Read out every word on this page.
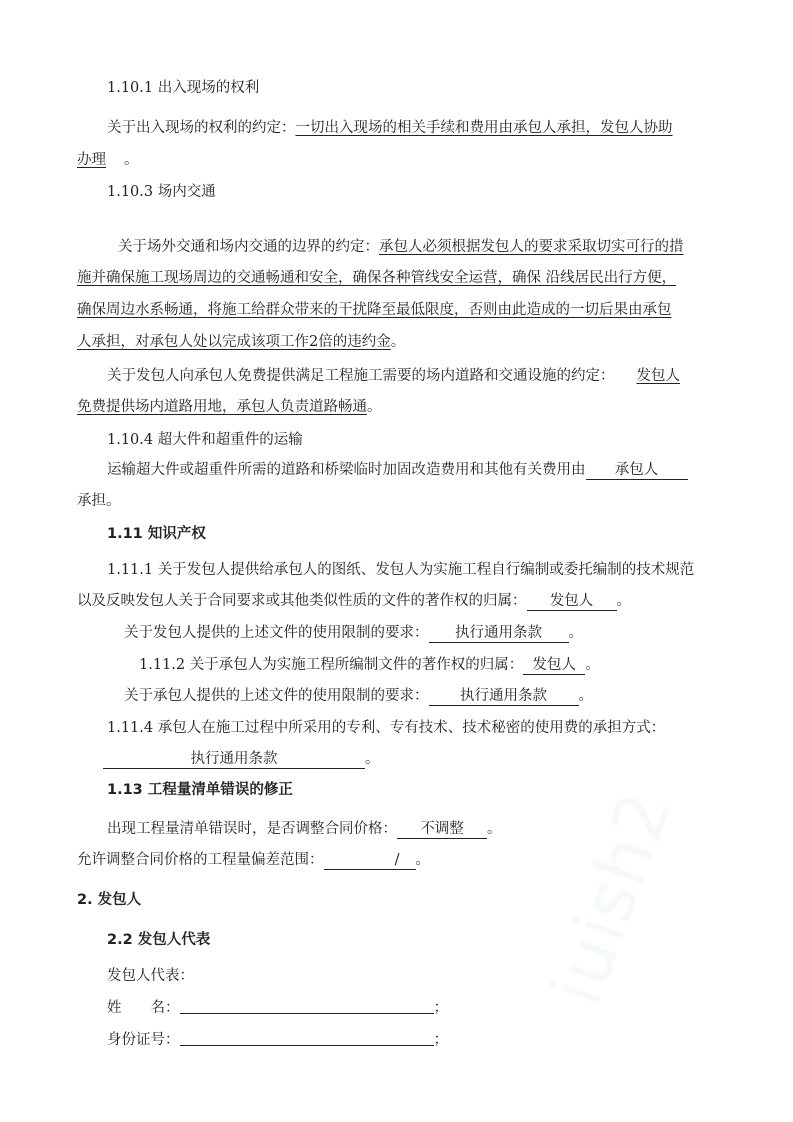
iuish2
1.10.1 出入现场的权利
关于出入现场的权利的约定：一切出入现场的相关手续和费用由承包人承担，发包人协助
办理 。
1.10.3 场内交通
关于场外交通和场内交通的边界的约定：承包人必须根据发包人的要求采取切实可行的措
施并确保施工现场周边的交通畅通和安全，确保各种管线安全运营，确保 沿线居民出行方便，
确保周边水系畅通，将施工给群众带来的干扰降至最低限度，否则由此造成的一切后果由承包
人承担，对承包人处以完成该项工作2倍的违约金。
关于发包人向承包人免费提供满足工程施工需要的场内道路和交通设施的约定： 发包人
免费提供场内道路用地，承包人负责道路畅通。
1.10.4 超大件和超重件的运输
运输超大件或超重件所需的道路和桥梁临时加固改造费用和其他有关费用由 承包人
承担。
1.11 知识产权
1.11.1 关于发包人提供给承包人的图纸、发包人为实施工程自行编制或委托编制的技术规范
以及反映发包人关于合同要求或其他类似性质的文件的著作权的归属： 发包人 。
关于发包人提供的上述文件的使用限制的要求： 执行通用条款 。
1.11.2 关于承包人为实施工程所编制文件的著作权的归属： 发包人 。
关于承包人提供的上述文件的使用限制的要求： 执行通用条款 。
1.11.4 承包人在施工过程中所采用的专利、专有技术、技术秘密的使用费的承担方式：
执行通用条款	。
1.13 工程量清单错误的修正
出现工程量清单错误时，是否调整合同价格： 不调整 。
允许调整合同价格的工程量偏差范围：	/ 。
2. 发包人
2.2 发包人代表
发包人代表：
姓　　名：	；
身份证号：	；
